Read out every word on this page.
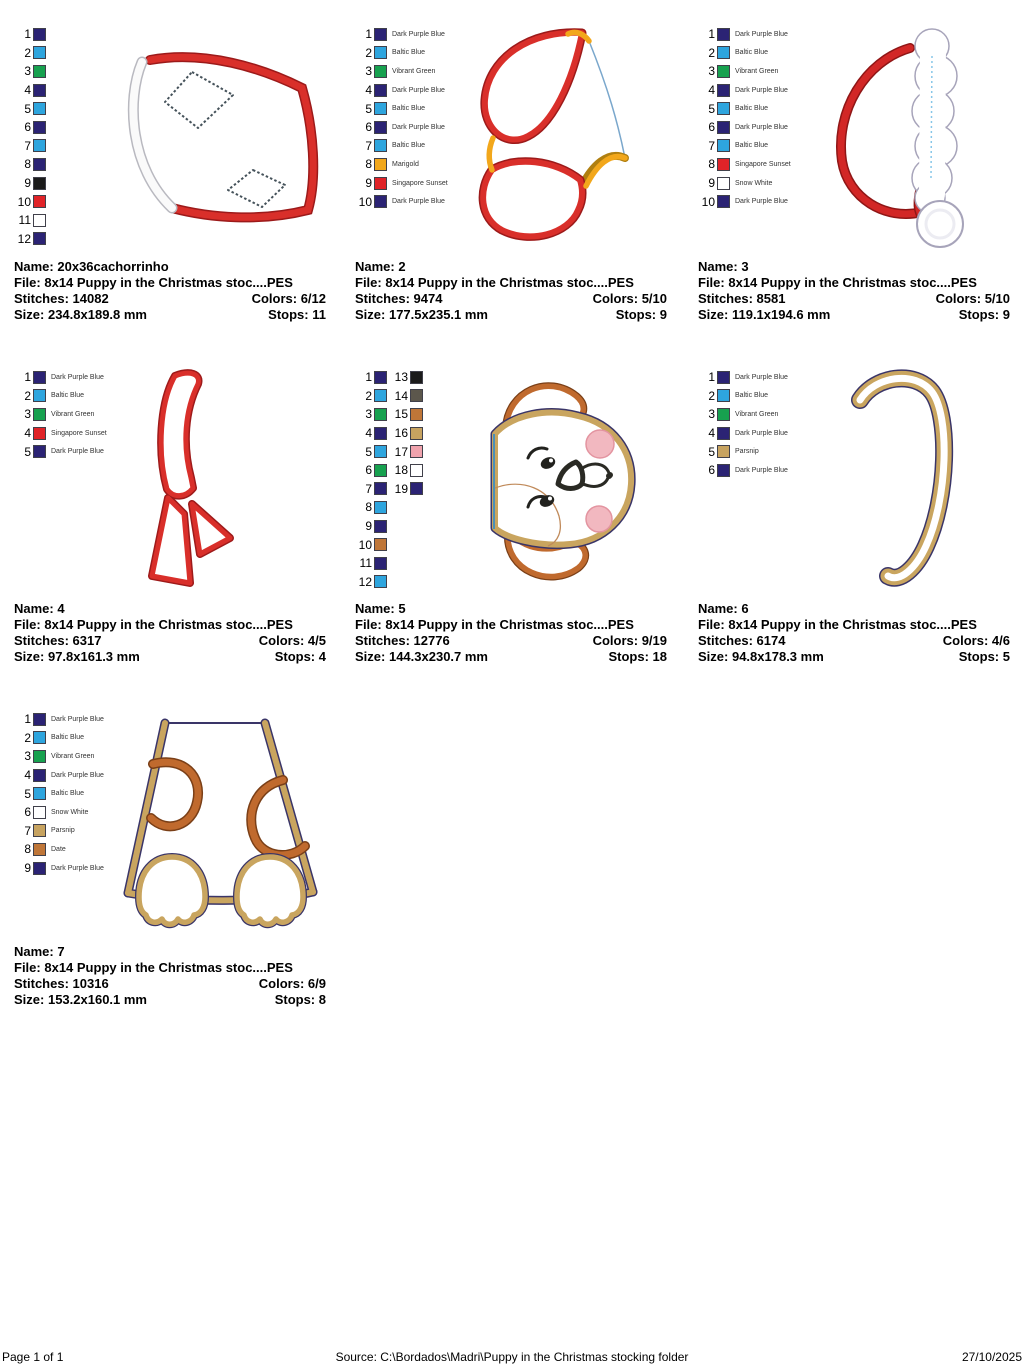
1
2
3
4
5
6
7
8
9
10
11
12
Name: 20x36cachorrinho
File: 8x14 Puppy in the Christmas stoc....PES
Stitches: 14082	Colors: 6/12
Size: 234.8x189.8 mm	Stops: 11
1	Dark Purple Blue
2	Baltic Blue
3	Vibrant Green
4	Dark Purple Blue
5	Baltic Blue
6	Dark Purple Blue
7	Baltic Blue
8	Marigold
9	Singapore Sunset
10	Dark Purple Blue
Name: 2
File: 8x14 Puppy in the Christmas stoc....PES
Stitches: 9474	Colors: 5/10
Size: 177.5x235.1 mm	Stops: 9
1	Dark Purple Blue
2	Baltic Blue
3	Vibrant Green
4	Dark Purple Blue
5	Baltic Blue
6	Dark Purple Blue
7	Baltic Blue
8	Singapore Sunset
9	Snow White
10	Dark Purple Blue
Name: 3
File: 8x14 Puppy in the Christmas stoc....PES
Stitches: 8581	Colors: 5/10
Size: 119.1x194.6 mm	Stops: 9
1	Dark Purple Blue
2	Baltic Blue
3	Vibrant Green
4	Singapore Sunset
5	Dark Purple Blue
Name: 4
File: 8x14 Puppy in the Christmas stoc....PES
Stitches: 6317	Colors: 4/5
Size: 97.8x161.3 mm	Stops: 4
1
2
3
4
5
6
7
8
9
10
11
12
13
14
15
16
17
18
19
Name: 5
File: 8x14 Puppy in the Christmas stoc....PES
Stitches: 12776	Colors: 9/19
Size: 144.3x230.7 mm	Stops: 18
1	Dark Purple Blue
2	Baltic Blue
3	Vibrant Green
4	Dark Purple Blue
5	Parsnip
6	Dark Purple Blue
Name: 6
File: 8x14 Puppy in the Christmas stoc....PES
Stitches: 6174	Colors: 4/6
Size: 94.8x178.3 mm	Stops: 5
1	Dark Purple Blue
2	Baltic Blue
3	Vibrant Green
4	Dark Purple Blue
5	Baltic Blue
6	Snow White
7	Parsnip
8	Date
9	Dark Purple Blue
Name: 7
File: 8x14 Puppy in the Christmas stoc....PES
Stitches: 10316	Colors: 6/9
Size: 153.2x160.1 mm	Stops: 8
Page 1 of 1	Source: C:\Bordados\Madri\Puppy in the Christmas stocking folder	27/10/2025
